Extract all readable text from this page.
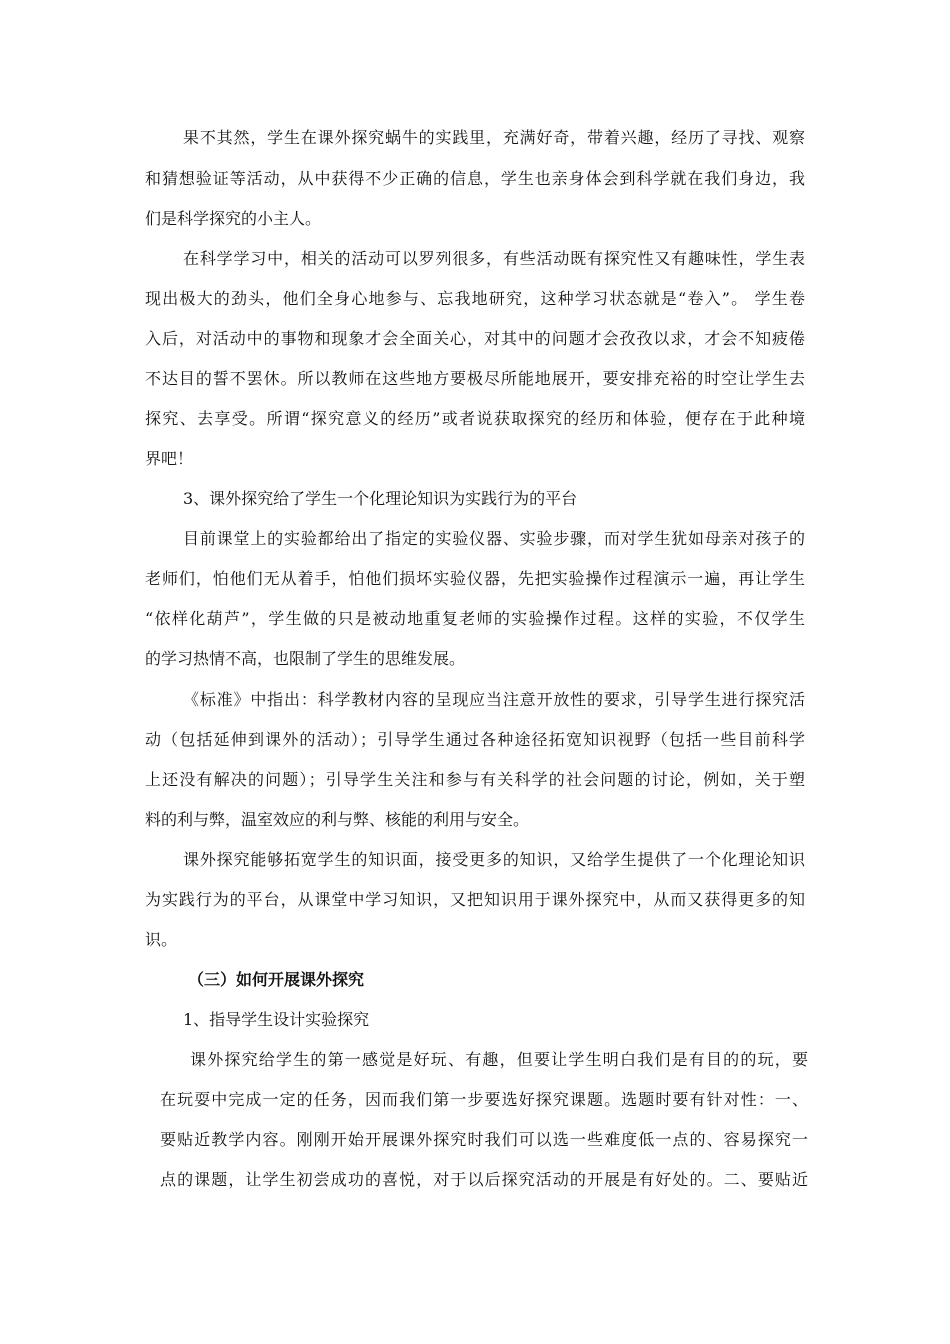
果不其然，学生在课外探究蜗牛的实践里，充满好奇，带着兴趣，经历了寻找、观察
和猜想验证等活动，从中获得不少正确的信息，学生也亲身体会到科学就在我们身边，我
们是科学探究的小主人。
在科学学习中，相关的活动可以罗列很多，有些活动既有探究性又有趣味性，学生表
现出极大的劲头，他们全身心地参与、忘我地研究，这种学习状态就是“卷入”。 学生卷
入后，对活动中的事物和现象才会全面关心，对其中的问题才会孜孜以求，才会不知疲倦
不达目的誓不罢休。所以教师在这些地方要极尽所能地展开，要安排充裕的时空让学生去
探究、去享受。所谓“探究意义的经历”或者说获取探究的经历和体验，便存在于此种境
界吧！
3、课外探究给了学生一个化理论知识为实践行为的平台
目前课堂上的实验都给出了指定的实验仪器、实验步骤，而对学生犹如母亲对孩子的
老师们，怕他们无从着手，怕他们损坏实验仪器，先把实验操作过程演示一遍，再让学生
“依样化葫芦”，学生做的只是被动地重复老师的实验操作过程。这样的实验，不仅学生
的学习热情不高，也限制了学生的思维发展。
《标准》中指出：科学教材内容的呈现应当注意开放性的要求，引导学生进行探究活
动（包括延伸到课外的活动）；引导学生通过各种途径拓宽知识视野（包括一些目前科学
上还没有解决的问题）；引导学生关注和参与有关科学的社会问题的讨论，例如，关于塑
料的利与弊，温室效应的利与弊、核能的利用与安全。
课外探究能够拓宽学生的知识面，接受更多的知识，又给学生提供了一个化理论知识
为实践行为的平台，从课堂中学习知识，又把知识用于课外探究中，从而又获得更多的知
识。
（三）如何开展课外探究
1、指导学生设计实验探究
课外探究给学生的第一感觉是好玩、有趣，但要让学生明白我们是有目的的玩，要
在玩耍中完成一定的任务，因而我们第一步要选好探究课题。选题时要有针对性：一、
要贴近教学内容。刚刚开始开展课外探究时我们可以选一些难度低一点的、容易探究一
点的课题，让学生初尝成功的喜悦，对于以后探究活动的开展是有好处的。二、要贴近
